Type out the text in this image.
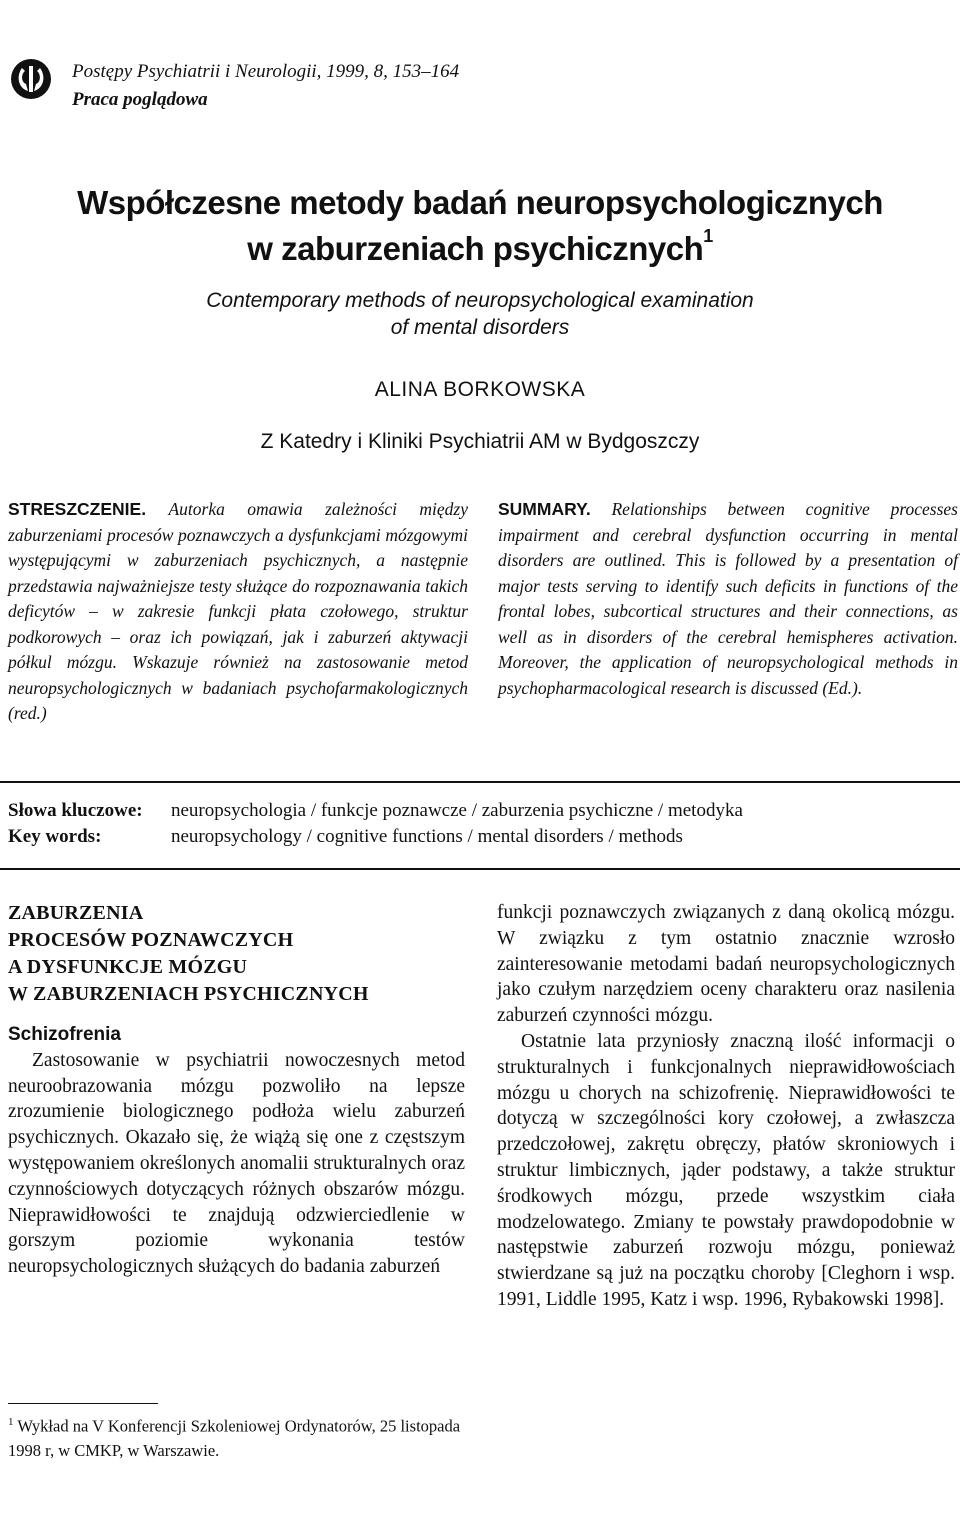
Postępy Psychiatrii i Neurologii, 1999, 8, 153–164
Praca poglądowa
Współczesne metody badań neuropsychologicznych
w zaburzeniach psychicznych$^1$
Contemporary methods of neuropsychological examination
of mental disorders
ALINA BORKOWSKA
Z Katedry i Kliniki Psychiatrii AM w Bydgoszczy
STRESZCZENIE. Autorka omawia zależności między zaburzeniami procesów poznawczych a dysfunkcjami mózgowymi występującymi w zaburzeniach psychicznych, a następnie przedstawia najważniejsze testy służące do rozpoznawania takich deficytów – w zakresie funkcji płata czołowego, struktur podkorowych – oraz ich powiązań, jak i zaburzeń aktywacji półkul mózgu. Wskazuje również na zastosowanie metod neuropsychologicznych w badaniach psychofarmakologicznych (red.)
SUMMARY. Relationships between cognitive processes impairment and cerebral dysfunction occurring in mental disorders are outlined. This is followed by a presentation of major tests serving to identify such deficits in functions of the frontal lobes, subcortical structures and their connections, as well as in disorders of the cerebral hemispheres activation. Moreover, the application of neuropsychological methods in psychopharmacological research is discussed (Ed.).
Słowa kluczowe: neuropsychologia / funkcje poznawcze / zaburzenia psychiczne / metodyka
Key words:	neuropsychology / cognitive functions / mental disorders / methods
ZABURZENIA
PROCESÓW POZNAWCZYCH
A DYSFUNKCJE MÓZGU
W ZABURZENIACH PSYCHICZNYCH

Schizofrenia

Zastosowanie w psychiatrii nowoczesnych metod neuroobrazowania mózgu pozwoliło na lepsze zrozumienie biologicznego podłoża wielu zaburzeń psychicznych. Okazało się, że wiążą się one z częstszym występowaniem określonych anomalii strukturalnych oraz czynnościowych dotyczących różnych obszarów mózgu. Nieprawidłowości te znajdują odzwierciedlenie w gorszym poziomie wykonania testów neuropsychologicznych służących do badania zaburzeń

funkcji poznawczych związanych z daną okolicą mózgu. W związku z tym ostatnio znacznie wzrosło zainteresowanie metodami badań neuropsychologicznych jako czułym narzędziem oceny charakteru oraz nasilenia zaburzeń czynności mózgu.

Ostatnie lata przyniosły znaczną ilość informacji o strukturalnych i funkcjonalnych nieprawidłowościach mózgu u chorych na schizofrenię. Nieprawidłowości te dotyczą w szczególności kory czołowej, a zwłaszcza przedczołowej, zakrętu obręczy, płatów skroniowych i struktur limbicznych, jąder podstawy, a także struktur środkowych mózgu, przede wszystkim ciała modzelowatego. Zmiany te powstały prawdopodobnie w następstwie zaburzeń rozwoju mózgu, ponieważ stwierdzane są już na początku choroby [Cleghorn i wsp. 1991, Liddle 1995, Katz i wsp. 1996, Rybakowski 1998].

$^1$ Wykład na V Konferencji Szkoleniowej Ordynatorów, 25 listopada 1998 r, w CMKP, w Warszawie.
